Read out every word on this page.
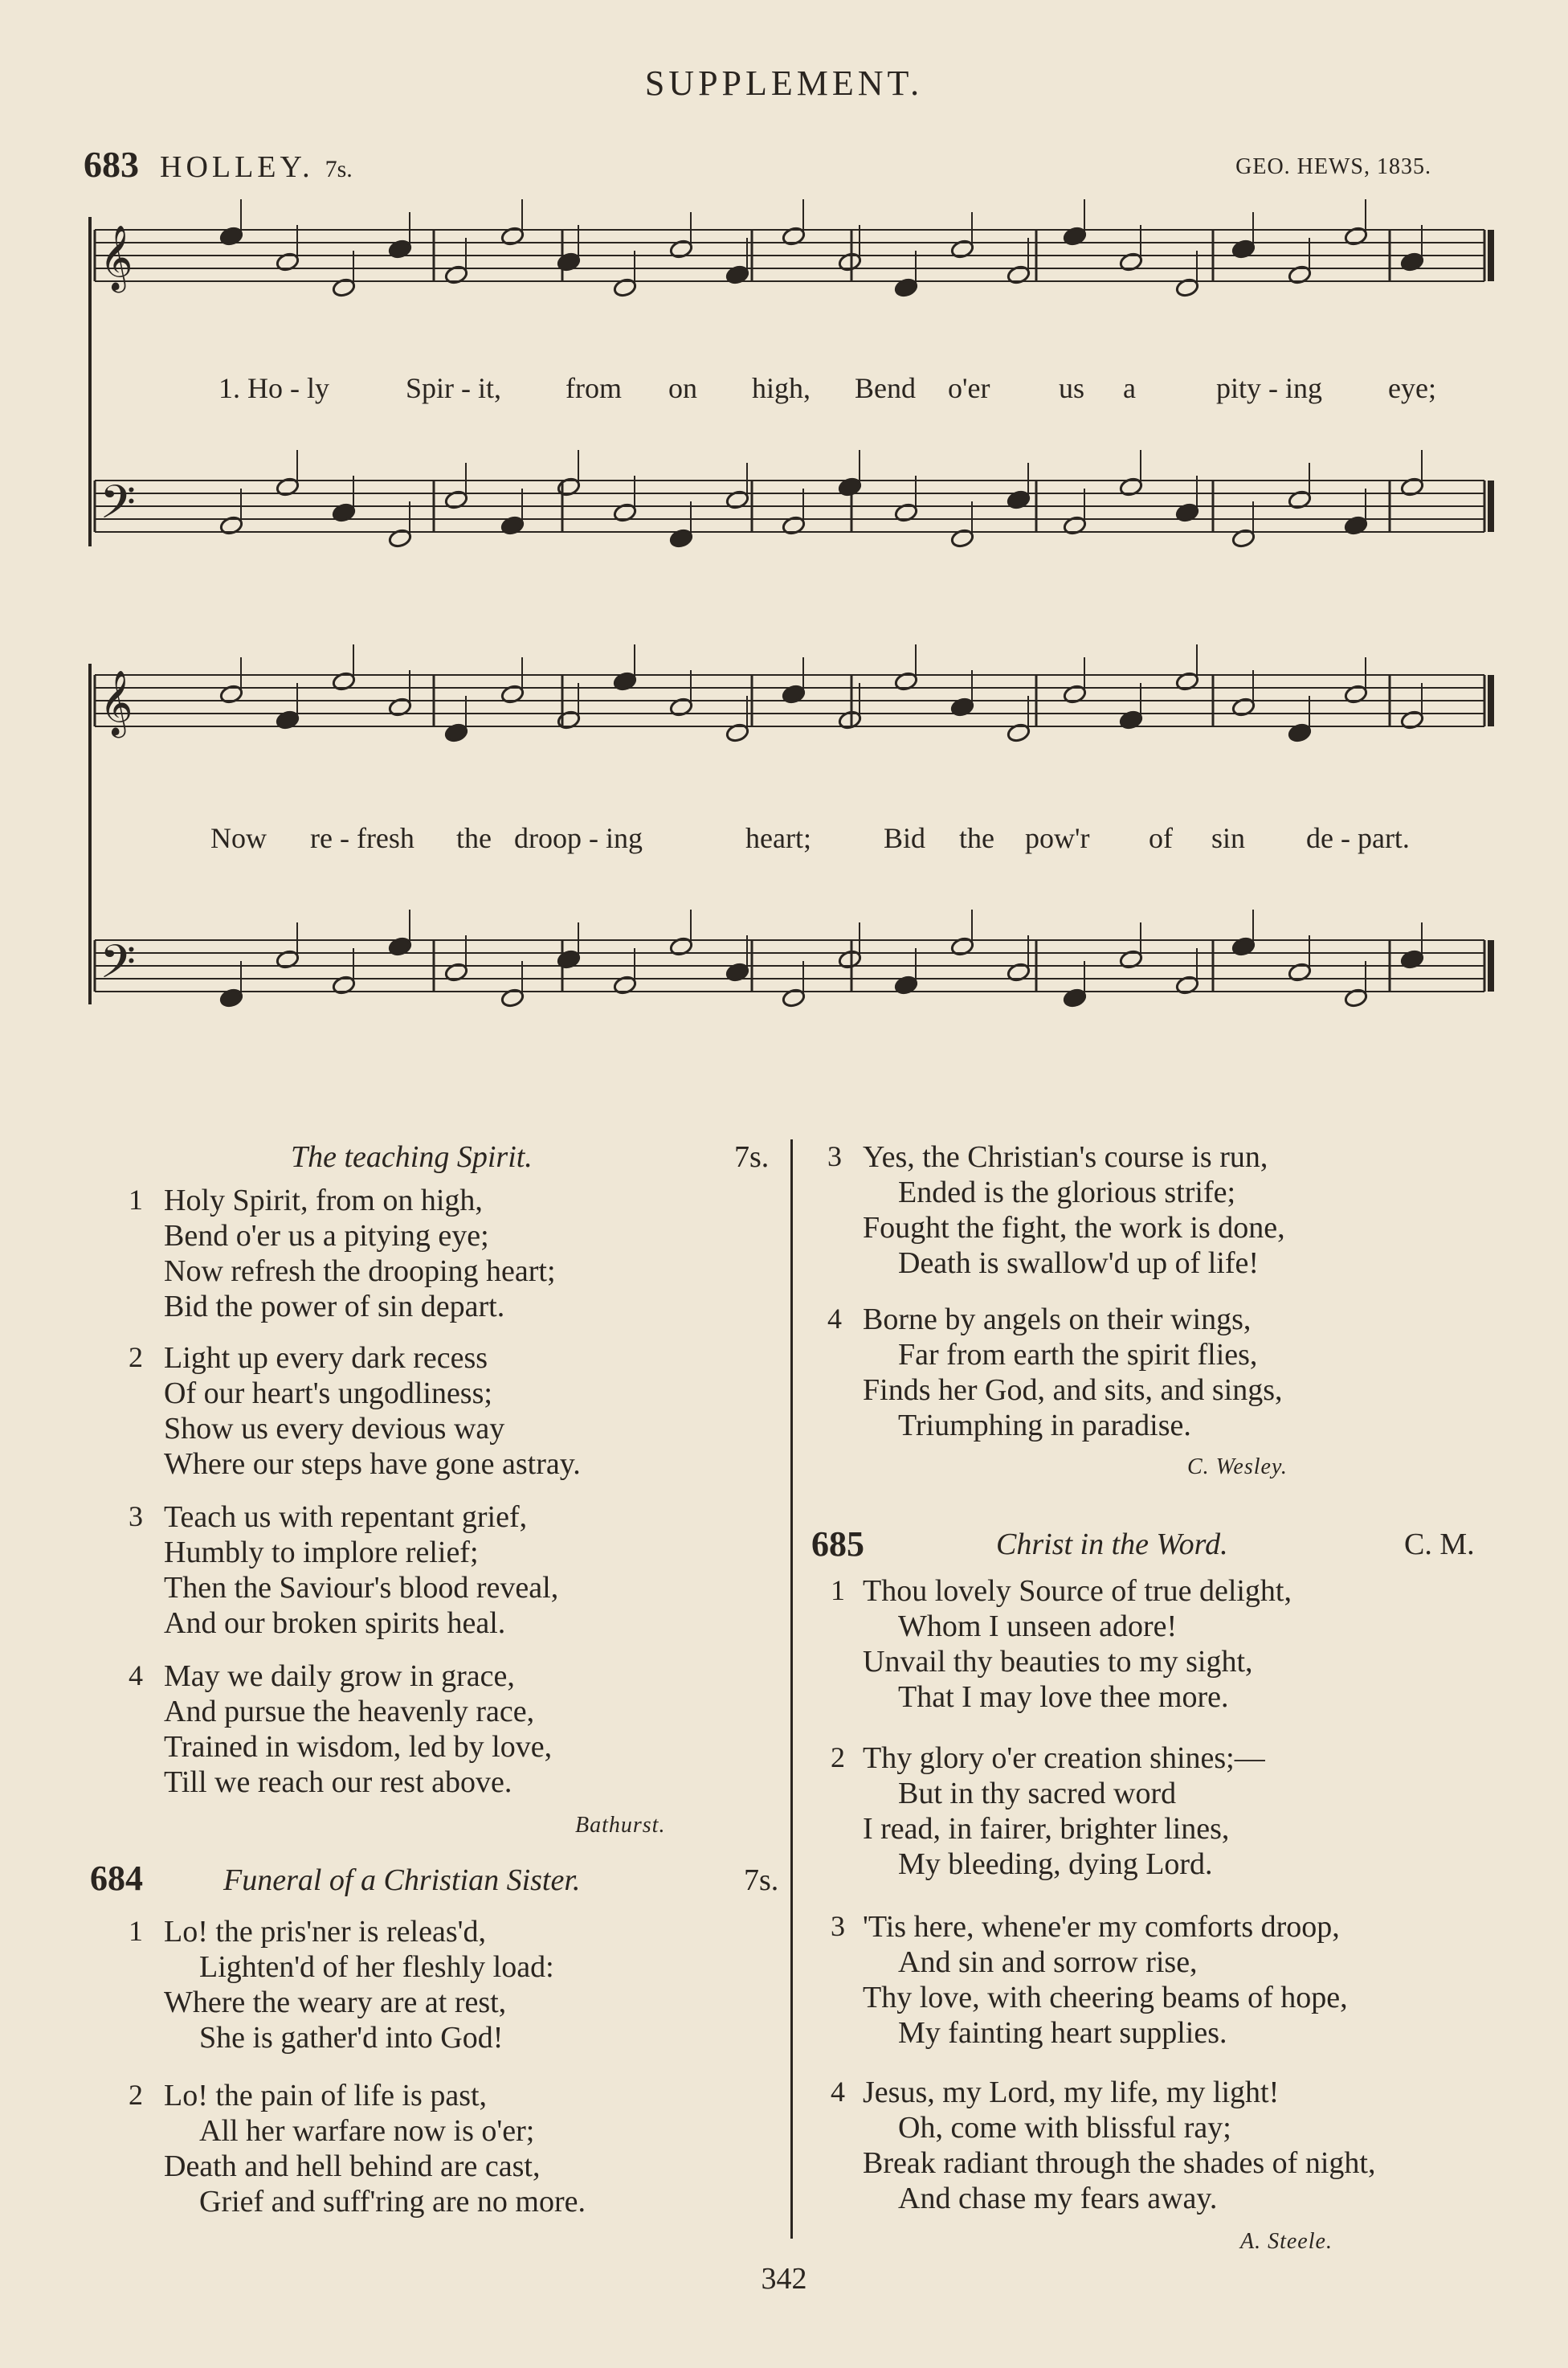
SUPPLEMENT.
683 HOLLEY. 7s.	GEO. HEWS, 1835.
𝄞
𝄢
𝄞
𝄢
1. Ho - ly	Spir - it, from on high, Bend o'er us a	pity - ing eye;
Now re - fresh the droop - ing	heart;	Bid the pow'r of sin de - part.
The teaching Spirit.	7s.
1 Holy Spirit, from on high,
Bend o'er us a pitying eye;
Now refresh the drooping heart;
Bid the power of sin depart.
2 Light up every dark recess
Of our heart's ungodliness;
Show us every devious way
Where our steps have gone astray.
3 Teach us with repentant grief,
Humbly to implore relief;
Then the Saviour's blood reveal,
And our broken spirits heal.
4 May we daily grow in grace,
And pursue the heavenly race,
Trained in wisdom, led by love,
Till we reach our rest above.
Bathurst.
684	Funeral of a Christian Sister.	7s.
1 Lo! the pris'ner is releas'd,
Lighten'd of her fleshly load:
Where the weary are at rest,
She is gather'd into God!
2 Lo! the pain of life is past,
All her warfare now is o'er;
Death and hell behind are cast,
Grief and suff'ring are no more.
3 Yes, the Christian's course is run,
Ended is the glorious strife;
Fought the fight, the work is done,
Death is swallow'd up of life!
4 Borne by angels on their wings,
Far from earth the spirit flies,
Finds her God, and sits, and sings,
Triumphing in paradise.
C. Wesley.
685	Christ in the Word.	C. M.
1 Thou lovely Source of true delight,
Whom I unseen adore!
Unvail thy beauties to my sight,
That I may love thee more.
2 Thy glory o'er creation shines;—
But in thy sacred word
I read, in fairer, brighter lines,
My bleeding, dying Lord.
3 'Tis here, whene'er my comforts droop,
And sin and sorrow rise,
Thy love, with cheering beams of hope,
My fainting heart supplies.
4 Jesus, my Lord, my life, my light!
Oh, come with blissful ray;
Break radiant through the shades of night,
And chase my fears away.
A. Steele.
342
